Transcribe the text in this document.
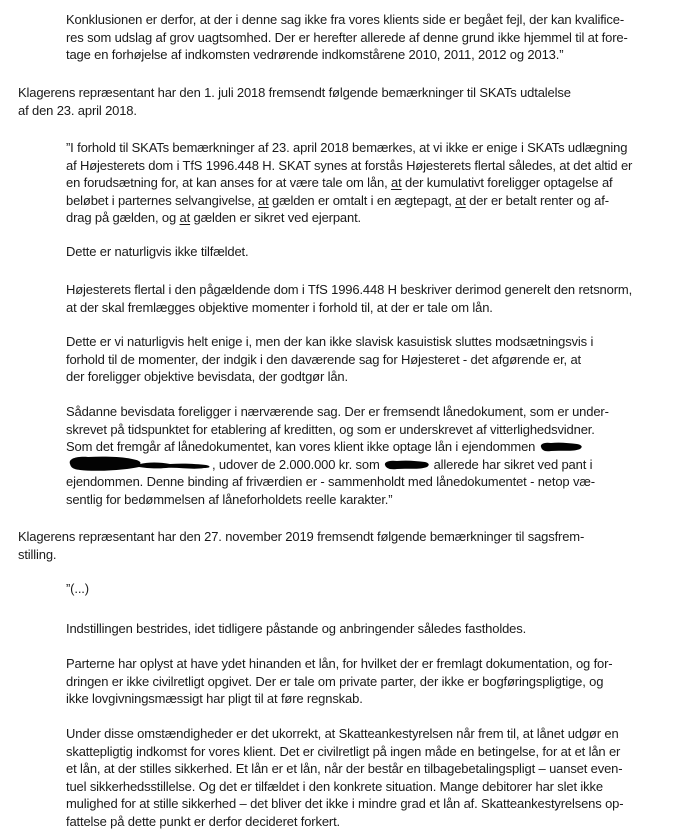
Konklusionen er derfor, at der i denne sag ikke fra vores klients side er begået fejl, der kan kvalifice-
res som udslag af grov uagtsomhed. Der er herefter allerede af denne grund ikke hjemmel til at fore-
tage en forhøjelse af indkomsten vedrørende indkomstårene 2010, 2011, 2012 og 2013.”
Klagerens repræsentant har den 1. juli 2018 fremsendt følgende bemærkninger til SKATs udtalelse
af den 23. april 2018.
”I forhold til SKATs bemærkninger af 23. april 2018 bemærkes, at vi ikke er enige i SKATs udlægning
af Højesterets dom i TfS 1996.448 H. SKAT synes at forstås Højesterets flertal således, at det altid er
en forudsætning for, at kan anses for at være tale om lån, at der kumulativt foreligger optagelse af
beløbet i parternes selvangivelse, at gælden er omtalt i en ægtepagt, at der er betalt renter og af-
drag på gælden, og at gælden er sikret ved ejerpant.
Dette er naturligvis ikke tilfældet.
Højesterets flertal i den pågældende dom i TfS 1996.448 H beskriver derimod generelt den retsnorm,
at der skal fremlægges objektive momenter i forhold til, at der er tale om lån.
Dette er vi naturligvis helt enige i, men der kan ikke slavisk kasuistisk sluttes modsætningsvis i
forhold til de momenter, der indgik i den daværende sag for Højesteret - det afgørende er, at
der foreligger objektive bevisdata, der godtgør lån.
Sådanne bevisdata foreligger i nærværende sag. Der er fremsendt lånedokument, som er under-
skrevet på tidspunktet for etablering af kreditten, og som er underskrevet af vitterlighedsvidner.
Som det fremgår af lånedokumentet, kan vores klient ikke optage lån i ejendommen
, udover de 2.000.000 kr. som	allerede har sikret ved pant i
ejendommen. Denne binding af friværdien er - sammenholdt med lånedokumentet - netop væ-
sentlig for bedømmelsen af låneforholdets reelle karakter.”
Klagerens repræsentant har den 27. november 2019 fremsendt følgende bemærkninger til sagsfrem-
stilling.
”(...)
Indstillingen bestrides, idet tidligere påstande og anbringender således fastholdes.
Parterne har oplyst at have ydet hinanden et lån, for hvilket der er fremlagt dokumentation, og for-
dringen er ikke civilretligt opgivet. Der er tale om private parter, der ikke er bogføringspligtige, og
ikke lovgivningsmæssigt har pligt til at føre regnskab.
Under disse omstændigheder er det ukorrekt, at Skatteankestyrelsen når frem til, at lånet udgør en
skattepligtig indkomst for vores klient. Det er civilretligt på ingen måde en betingelse, for at et lån er
et lån, at der stilles sikkerhed. Et lån er et lån, når der består en tilbagebetalingspligt – uanset even-
tuel sikkerhedsstillelse. Og det er tilfældet i den konkrete situation. Mange debitorer har slet ikke
mulighed for at stille sikkerhed – det bliver det ikke i mindre grad et lån af. Skatteankestyrelsens op-
fattelse på dette punkt er derfor decideret forkert.
